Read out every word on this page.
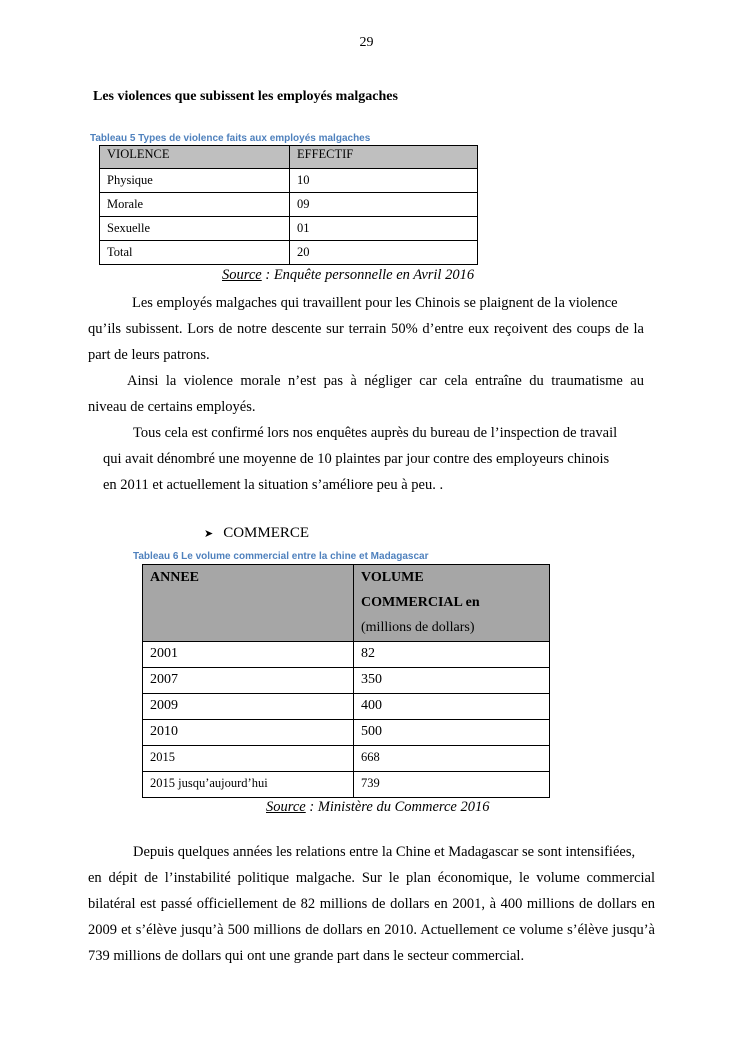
29
Les violences que subissent les employés malgaches
Tableau 5 Types de violence faits aux employés malgaches
VIOLENCE	EFFECTIF
Physique	10
Morale	09
Sexuelle	01
Total	20
Source : Enquête personnelle en Avril 2016
Les employés malgaches qui travaillent pour les Chinois se plaignent de la violence
qu’ils subissent. Lors de notre descente sur terrain 50% d’entre eux reçoivent des coups de la part de leurs patrons.
Ainsi la violence morale n’est pas à négliger car cela entraîne du traumatisme au
niveau de certains employés.
Tous cela est confirmé lors nos enquêtes auprès du bureau de l’inspection de travail
qui avait dénombré une moyenne de 10 plaintes par jour contre des employeurs chinois
en 2011 et actuellement la situation s’améliore peu à peu. .
➤ COMMERCE
Tableau 6 Le volume commercial entre la chine et Madagascar
ANNEE	VOLUME
COMMERCIAL en
(millions de dollars)

2001	82
2007	350
2009	400
2010	500
2015	668
2015 jusqu’aujourd’hui	739
Source : Ministère du Commerce 2016
Depuis quelques années les relations entre la Chine et Madagascar se sont intensifiées,
en dépit de l’instabilité politique malgache. Sur le plan économique, le volume commercial bilatéral est passé officiellement de 82 millions de dollars en 2001, à 400 millions de dollars en 2009 et s’élève jusqu’à 500 millions de dollars en 2010. Actuellement ce volume s’élève jusqu’à 739 millions de dollars qui ont une grande part dans le secteur commercial.
